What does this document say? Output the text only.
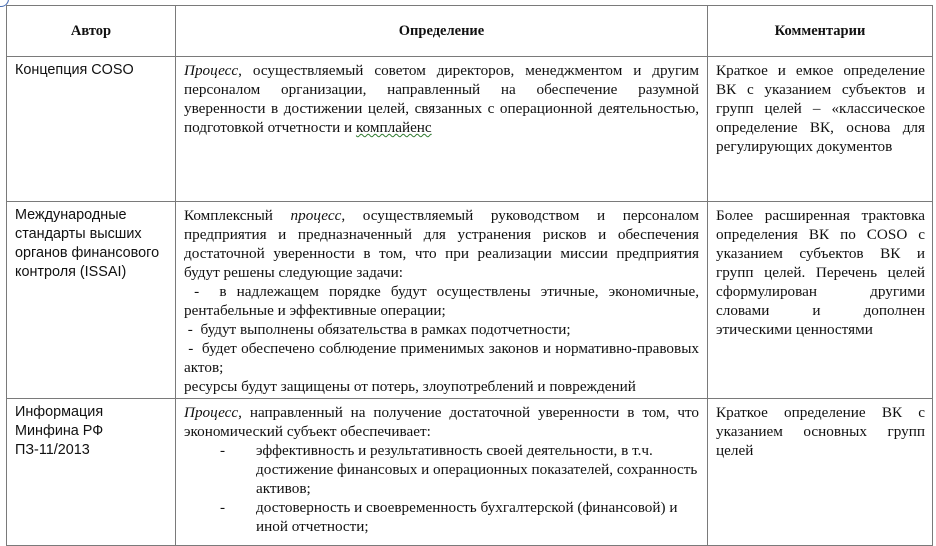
Автор	Определение	Комментарии
Концепция COSO	Процесс, осуществляемый советом директоров, менеджментом и другим персоналом организации, направленный на обеспечение разумной уверенности в достижении целей, связанных с операционной деятельностью, подготовкой отчетности и комплайенс	Краткое и емкое определение ВК с указанием субъектов и групп целей – «классическое определение ВК, основа для регулирующих документов

Международные стандарты высших органов финансового контроля (ISSAI)	Комплексный процесс, осуществляемый руководством и персоналом предприятия и предназначенный для устранения рисков и обеспечения достаточной уверенности в том, что при реализации миссии предприятия будут решены следующие задачи:

-  в надлежащем порядке будут осуществлены этичные, экономичные, рентабельные и эффективные операции;

-  будут выполнены обязательства в рамках подотчетности;

-  будет обеспечено соблюдение применимых законов и нормативно-правовых актов;

ресурсы будут защищены от потерь, злоупотреблений и повреждений	Более расширенная трактовка определения ВК по COSO с указанием субъектов ВК и групп целей. Перечень целей сформулирован другими словами и дополнен этическими ценностями

Информация Минфина РФ ПЗ-11/2013	Процесс, направленный на получение достаточной уверенности в том, что экономический субъект обеспечивает:

- эффективность и результативность своей деятельности, в т.ч. достижение финансовых и операционных показателей, сохранность активов;
- достоверность и своевременность бухгалтерской (финансовой) и иной отчетности;	Краткое определение ВК с указанием основных групп целей
